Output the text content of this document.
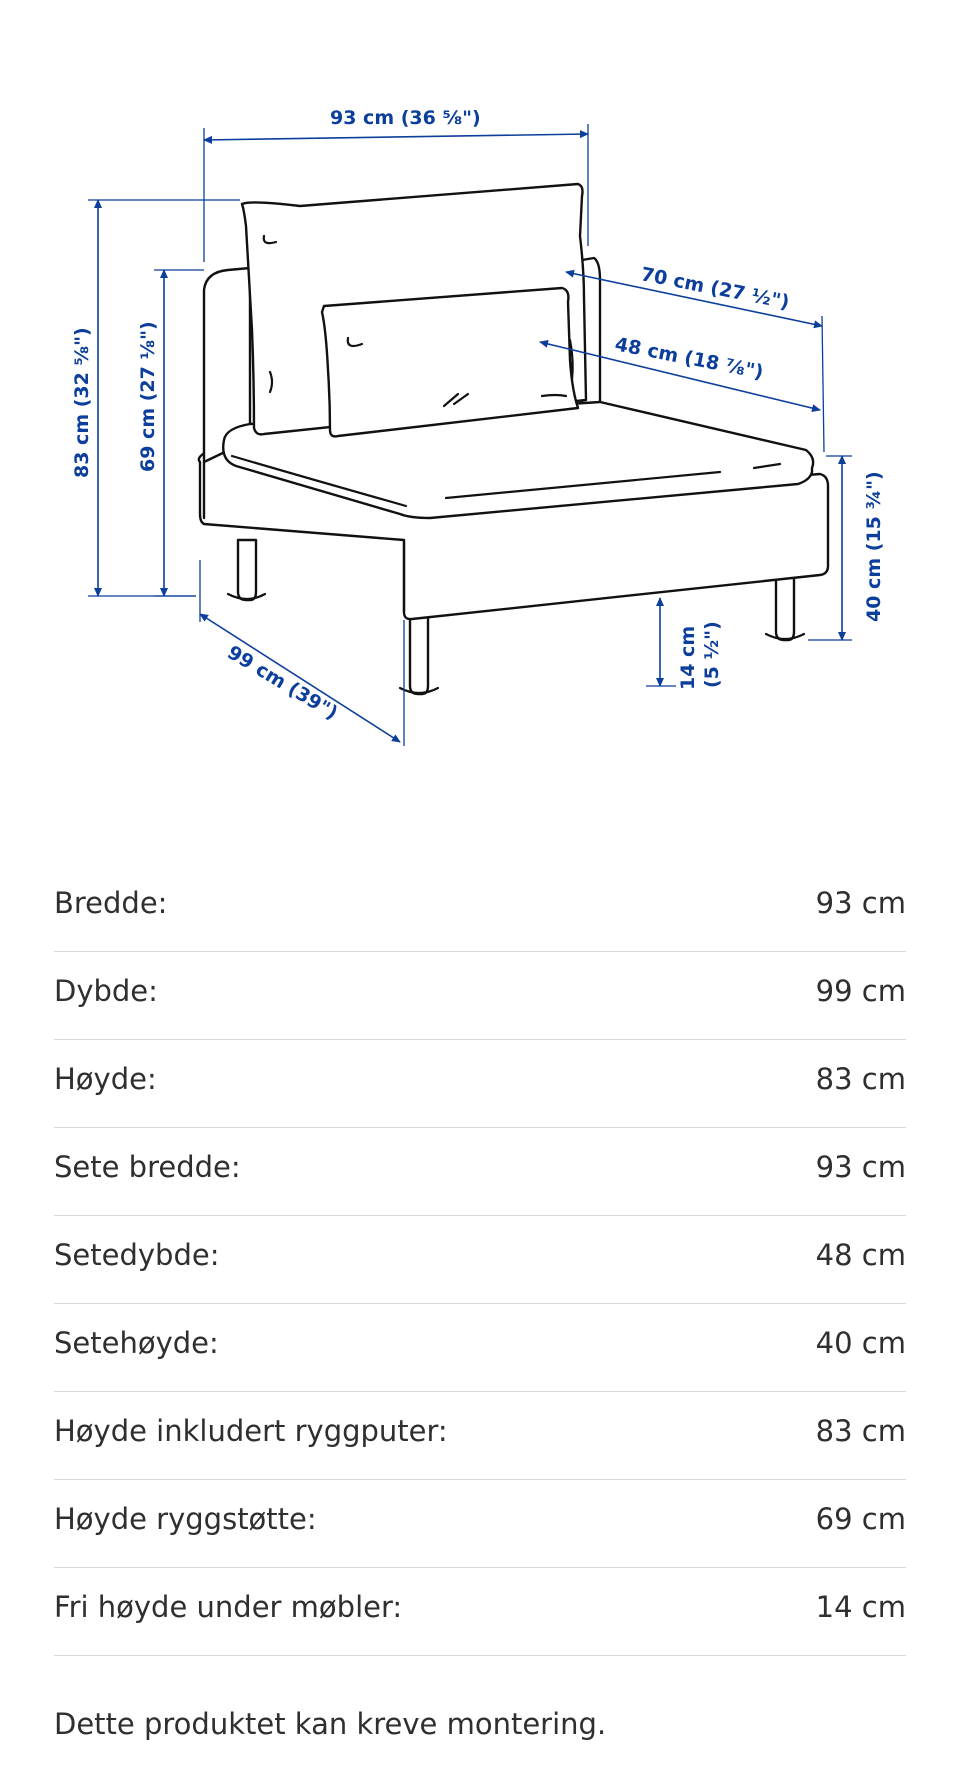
93 cm (36 ⅝")
83 cm (32 ⅝") 69 cm (27 ⅛")
70 cm (27 ½")
48 cm (18 ⅞")
40 cm (15 ¾")
14 cm (5 ½")
99 cm (39")
Bredde:	93 cm
Dybde:	99 cm
Høyde:	83 cm
Sete bredde:	93 cm
Setedybde:	48 cm
Setehøyde:	40 cm
Høyde inkludert ryggputer:	83 cm
Høyde ryggstøtte:	69 cm
Fri høyde under møbler:	14 cm

Dette produktet kan kreve montering.
